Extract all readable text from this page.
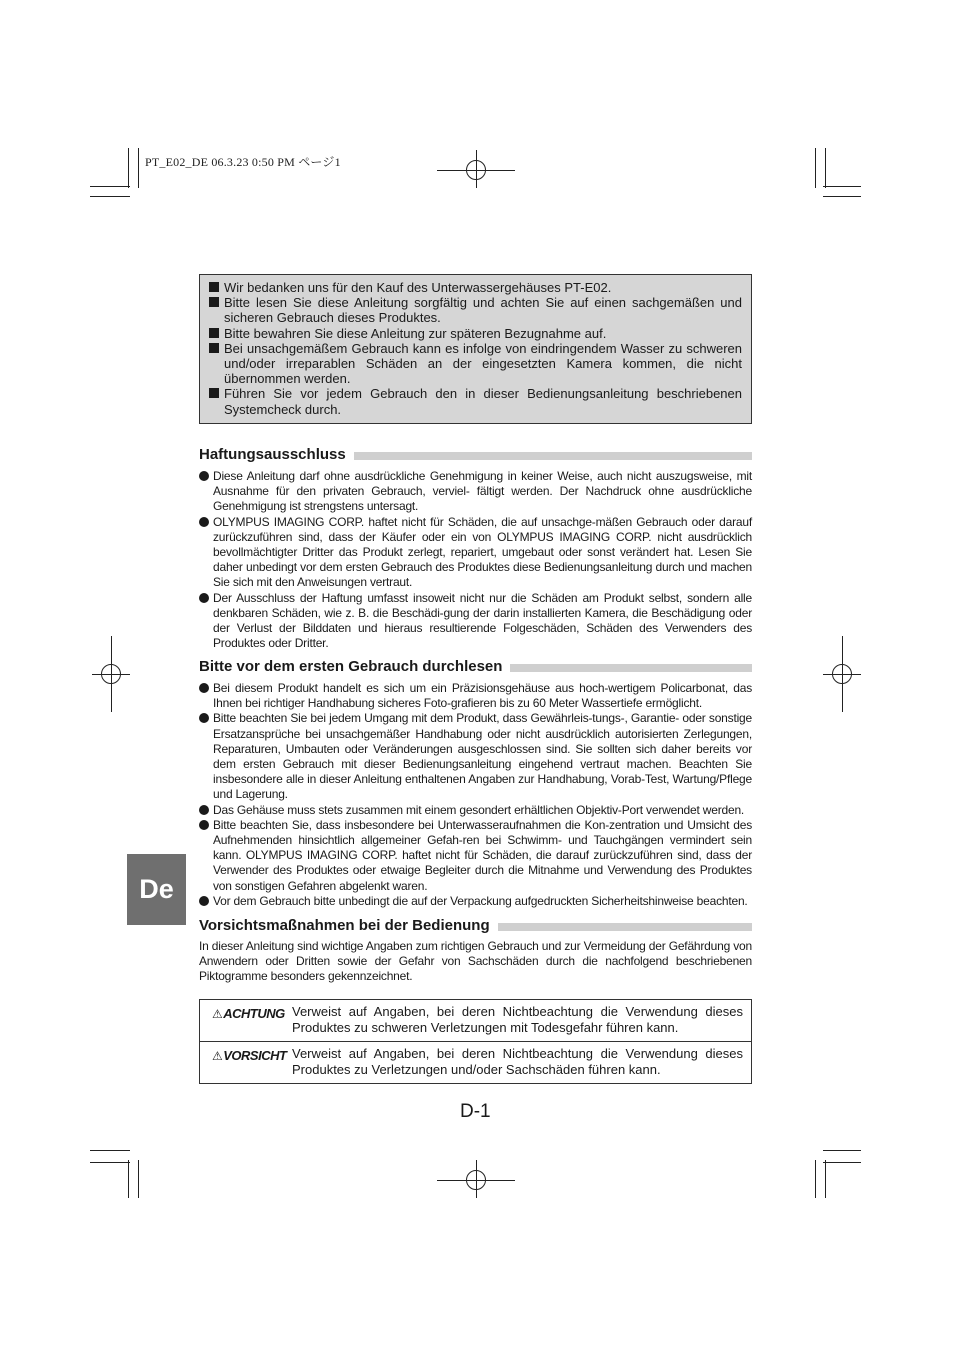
PT_E02_DE 06.3.23 0:50 PM ページ1
Wir bedanken uns für den Kauf des Unterwassergehäuses PT-E02.
Bitte lesen Sie diese Anleitung sorgfältig und achten Sie auf einen sachgemäßen und sicheren Gebrauch dieses Produktes.
Bitte bewahren Sie diese Anleitung zur späteren Bezugnahme auf.
Bei unsachgemäßem Gebrauch kann es infolge von eindringendem Wasser zu schweren und/oder irreparablen Schäden an der eingesetzten Kamera kommen, die nicht übernommen werden.
Führen Sie vor jedem Gebrauch den in dieser Bedienungsanleitung beschriebenen Systemcheck durch.
Haftungsausschluss
Diese Anleitung darf ohne ausdrückliche Genehmigung in keiner Weise, auch nicht auszugsweise, mit Ausnahme für den privaten Gebrauch, verviel- fältigt werden. Der Nachdruck ohne ausdrückliche Genehmigung ist strengstens untersagt.
OLYMPUS IMAGING CORP. haftet nicht für Schäden, die auf unsachge-mäßen Gebrauch oder darauf zurückzuführen sind, dass der Käufer oder ein von OLYMPUS IMAGING CORP. nicht ausdrücklich bevollmächtigter Dritter das Produkt zerlegt, repariert, umgebaut oder sonst verändert hat. Lesen Sie daher unbedingt vor dem ersten Gebrauch des Produktes diese Bedienungsanleitung durch und machen Sie sich mit den Anweisungen vertraut.
Der Ausschluss der Haftung umfasst insoweit nicht nur die Schäden am Produkt selbst, sondern alle denkbaren Schäden, wie z. B. die Beschädi-gung der darin installierten Kamera, die Beschädigung oder der Verlust der Bilddaten und hieraus resultierende Folgeschäden, Schäden des Verwenders des Produktes oder Dritter.
Bitte vor dem ersten Gebrauch durchlesen
Bei diesem Produkt handelt es sich um ein Präzisionsgehäuse aus hoch-wertigem Policarbonat, das Ihnen bei richtiger Handhabung sicheres Foto-grafieren bis zu 60 Meter Wassertiefe ermöglicht.
Bitte beachten Sie bei jedem Umgang mit dem Produkt, dass Gewährleis-tungs-, Garantie- oder sonstige Ersatzansprüche bei unsachgemäßer Handhabung oder nicht ausdrücklich autorisierten Zerlegungen, Reparaturen, Umbauten oder Veränderungen ausgeschlossen sind. Sie sollten sich daher bereits vor dem ersten Gebrauch mit dieser Bedienungsanleitung eingehend vertraut machen. Beachten Sie insbesondere alle in dieser Anleitung enthaltenen Angaben zur Handhabung, Vorab-Test, Wartung/Pflege und Lagerung.
Das Gehäuse muss stets zusammen mit einem gesondert erhältlichen Objektiv-Port verwendet werden.
Bitte beachten Sie, dass insbesondere bei Unterwasseraufnahmen die Kon-zentration und Umsicht des Aufnehmenden hinsichtlich allgemeiner Gefah-ren bei Schwimm- und Tauchgängen vermindert sein kann. OLYMPUS IMAGING CORP. haftet nicht für Schäden, die darauf zurückzuführen sind, dass der Verwender des Produktes oder etwaige Begleiter durch die Mitnahme und Verwendung des Produktes von sonstigen Gefahren abgelenkt waren.
Vor dem Gebrauch bitte unbedingt die auf der Verpackung aufgedruckten Sicherheitshinweise beachten.
Vorsichtsmaßnahmen bei der Bedienung
In dieser Anleitung sind wichtige Angaben zum richtigen Gebrauch und zur Vermeidung der Gefährdung von Anwendern oder Dritten sowie der Gefahr von Sachschäden durch die nachfolgend beschriebenen Piktogramme besonders gekennzeichnet.
⚠ACHTUNG Verweist auf Angaben, bei deren Nichtbeachtung die Verwendung dieses Produktes zu schweren Verletzungen mit Todesgefahr führen kann.
⚠VORSICHT Verweist auf Angaben, bei deren Nichtbeachtung die Verwendung dieses Produktes zu Verletzungen und/oder Sachschäden führen kann.
D-1
De
